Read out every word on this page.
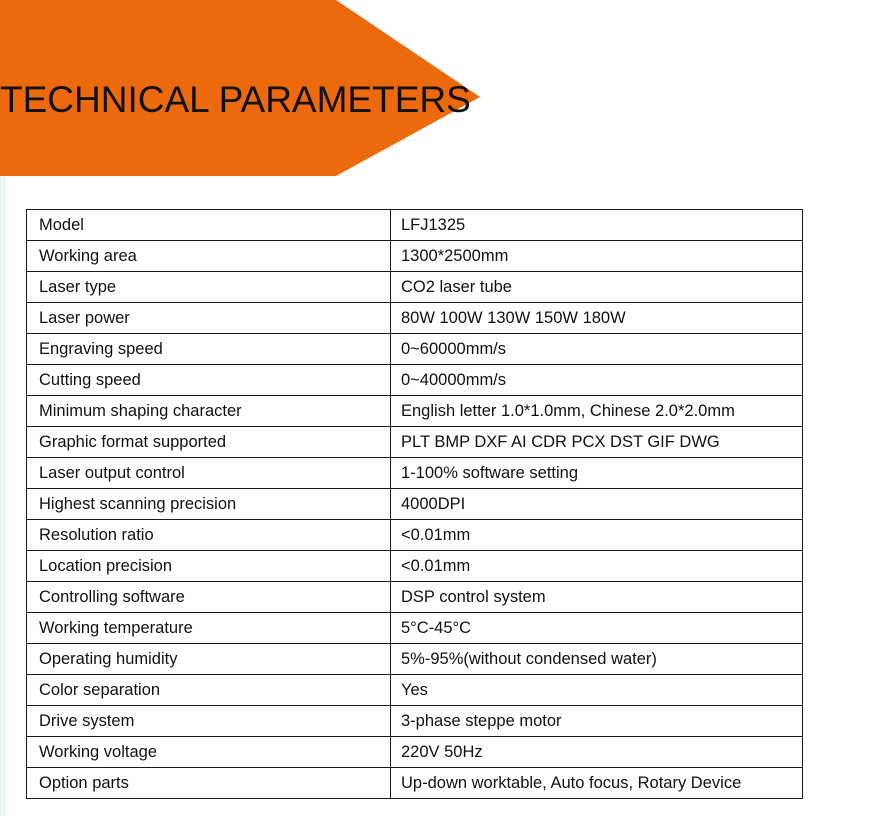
TECHNICAL PARAMETERS
Model	LFJ1325
Working area	1300*2500mm
Laser type	CO2 laser tube
Laser power	80W 100W 130W 150W 180W
Engraving speed	0~60000mm/s
Cutting speed	0~40000mm/s
Minimum shaping character	English letter 1.0*1.0mm, Chinese 2.0*2.0mm
Graphic format supported	PLT BMP DXF AI CDR PCX DST GIF DWG
Laser output control	1-100% software setting
Highest scanning precision	4000DPI
Resolution ratio	<0.01mm
Location precision	<0.01mm
Controlling software	DSP control system
Working temperature	5°C-45°C
Operating humidity	5%-95%(without condensed water)
Color separation	Yes
Drive system	3-phase steppe motor
Working voltage	220V 50Hz
Option parts	Up-down worktable, Auto focus, Rotary Device
